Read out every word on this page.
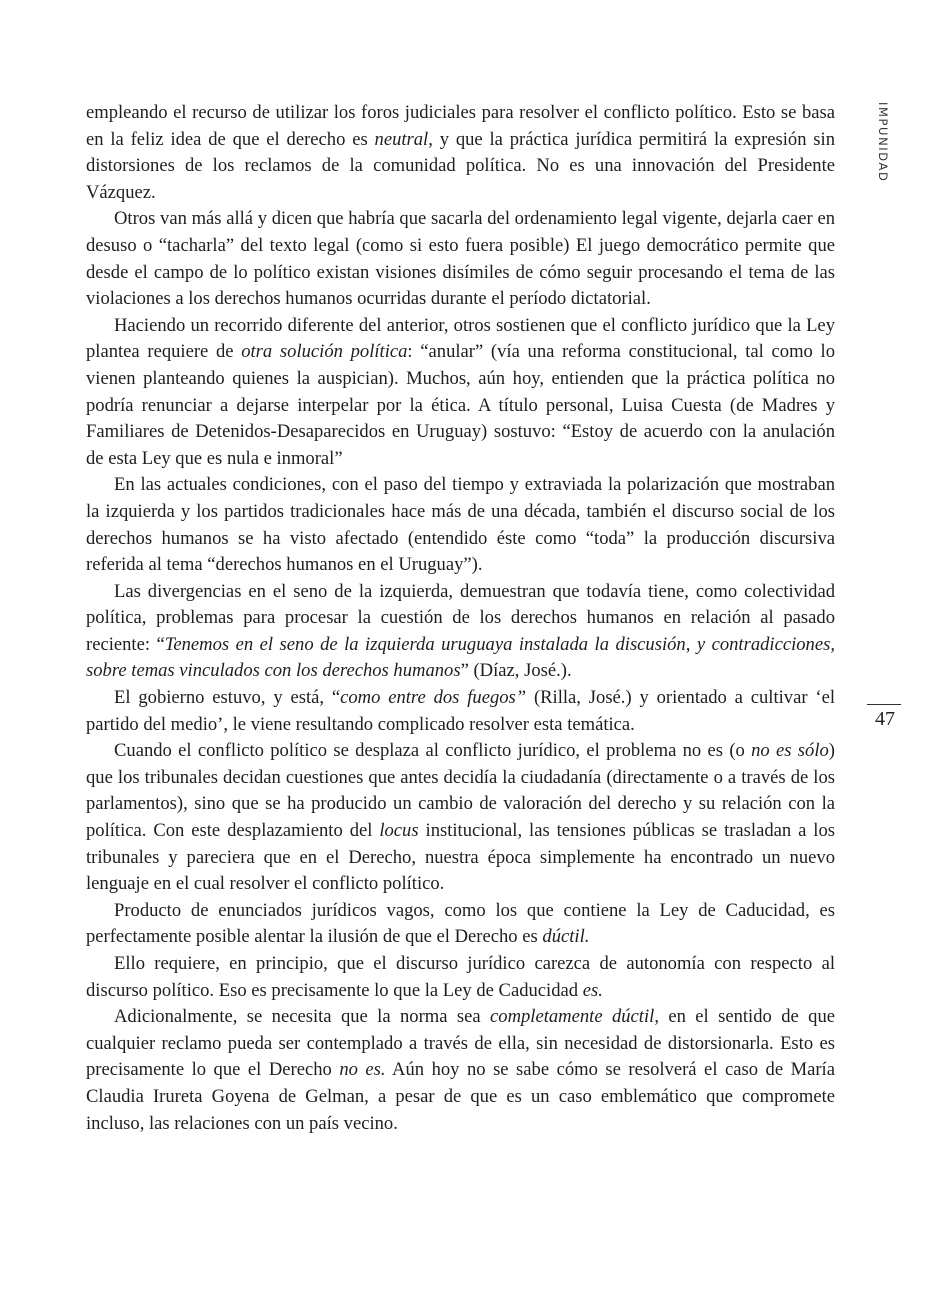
IMPUNIDAD
47

empleando el recurso de utilizar los foros judiciales para resolver el conflicto político. Esto se basa en la feliz idea de que el derecho es neutral, y que la práctica jurídica permitirá la expresión sin distorsiones de los reclamos de la comunidad política. No es una innovación del Presidente Vázquez.

Otros van más allá y dicen que habría que sacarla del ordenamiento legal vigente, dejarla caer en desuso o “tacharla” del texto legal (como si esto fuera posible) El juego democrático permite que desde el campo de lo político existan visiones disímiles de cómo seguir procesando el tema de las violaciones a los derechos humanos ocurridas durante el período dictatorial.

Haciendo un recorrido diferente del anterior, otros sostienen que el conflicto jurídico que la Ley plantea requiere de otra solución política: “anular” (vía una reforma constitucional, tal como lo vienen planteando quienes la auspician). Muchos, aún hoy, entienden que la práctica política no podría renunciar a dejarse interpelar por la ética. A título personal, Luisa Cuesta (de Madres y Familiares de Detenidos-Desaparecidos en Uruguay) sostuvo: “Estoy de acuerdo con la anulación de esta Ley que es nula e inmoral”

En las actuales condiciones, con el paso del tiempo y extraviada la polarización que mostraban la izquierda y los partidos tradicionales hace más de una década, también el discurso social de los derechos humanos se ha visto afectado (entendido éste como “toda” la producción discursiva referida al tema “derechos humanos en el Uruguay”).

Las divergencias en el seno de la izquierda, demuestran que todavía tiene, como colectividad política, problemas para procesar la cuestión de los derechos humanos en relación al pasado reciente: “Tenemos en el seno de la izquierda uruguaya instalada la discusión, y contradicciones, sobre temas vinculados con los derechos humanos” (Díaz, José.).

El gobierno estuvo, y está, “como entre dos fuegos” (Rilla, José.) y orientado a cultivar ‘el partido del medio’, le viene resultando complicado resolver esta temática.

Cuando el conflicto político se desplaza al conflicto jurídico, el problema no es (o no es sólo) que los tribunales decidan cuestiones que antes decidía la ciudadanía (directamente o a través de los parlamentos), sino que se ha producido un cambio de valoración del derecho y su relación con la política. Con este desplazamiento del locus institucional, las tensiones públicas se trasladan a los tribunales y pareciera que en el Derecho, nuestra época simplemente ha encontrado un nuevo lenguaje en el cual resolver el conflicto político.

Producto de enunciados jurídicos vagos, como los que contiene la Ley de Caducidad, es perfectamente posible alentar la ilusión de que el Derecho es dúctil.

Ello requiere, en principio, que el discurso jurídico carezca de autonomía con respecto al discurso político. Eso es precisamente lo que la Ley de Caducidad es.

Adicionalmente, se necesita que la norma sea completamente dúctil, en el sentido de que cualquier reclamo pueda ser contemplado a través de ella, sin necesidad de distorsionarla. Esto es precisamente lo que el Derecho no es. Aún hoy no se sabe cómo se resolverá el caso de María Claudia Irureta Goyena de Gelman, a pesar de que es un caso emblemático que compromete incluso, las relaciones con un país vecino.
